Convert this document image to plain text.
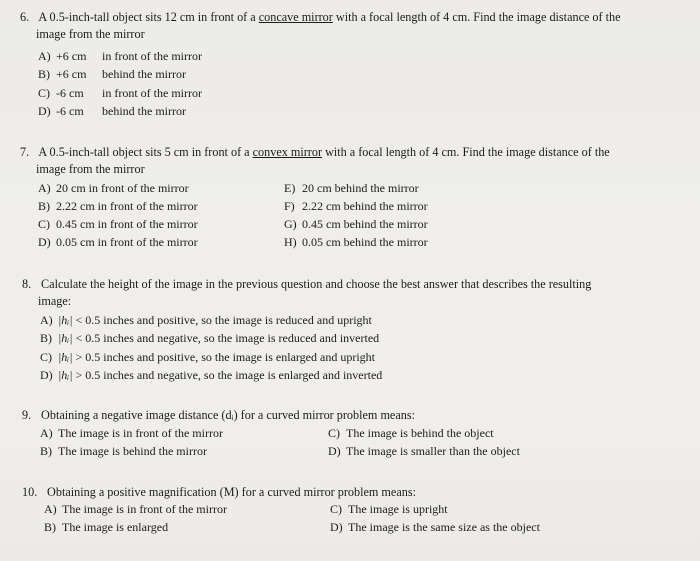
6. A 0.5-inch-tall object sits 12 cm in front of a concave mirror with a focal length of 4 cm. Find the image distance of the
image from the mirror
A) +6 cm in front of the mirror
B) +6 cm behind the mirror
C) -6 cm in front of the mirror
D) -6 cm behind the mirror
7. A 0.5-inch-tall object sits 5 cm in front of a convex mirror with a focal length of 4 cm. Find the image distance of the
image from the mirror
A) 20 cm in front of the mirror
B) 2.22 cm in front of the mirror
C) 0.45 cm in front of the mirror
D) 0.05 cm in front of the mirror
E) 20 cm behind the mirror
F) 2.22 cm behind the mirror
G) 0.45 cm behind the mirror
H) 0.05 cm behind the mirror
8. Calculate the height of the image in the previous question and choose the best answer that describes the resulting
image:
A) |hᵢ| < 0.5 inches and positive, so the image is reduced and upright
B) |hᵢ| < 0.5 inches and negative, so the image is reduced and inverted
C) |hᵢ| > 0.5 inches and positive, so the image is enlarged and upright
D) |hᵢ| > 0.5 inches and negative, so the image is enlarged and inverted
9. Obtaining a negative image distance (dᵢ) for a curved mirror problem means:
A) The image is in front of the mirror
B) The image is behind the mirror
C) The image is behind the object
D) The image is smaller than the object
10. Obtaining a positive magnification (M) for a curved mirror problem means:
A) The image is in front of the mirror
B) The image is enlarged
C) The image is upright
D) The image is the same size as the object
